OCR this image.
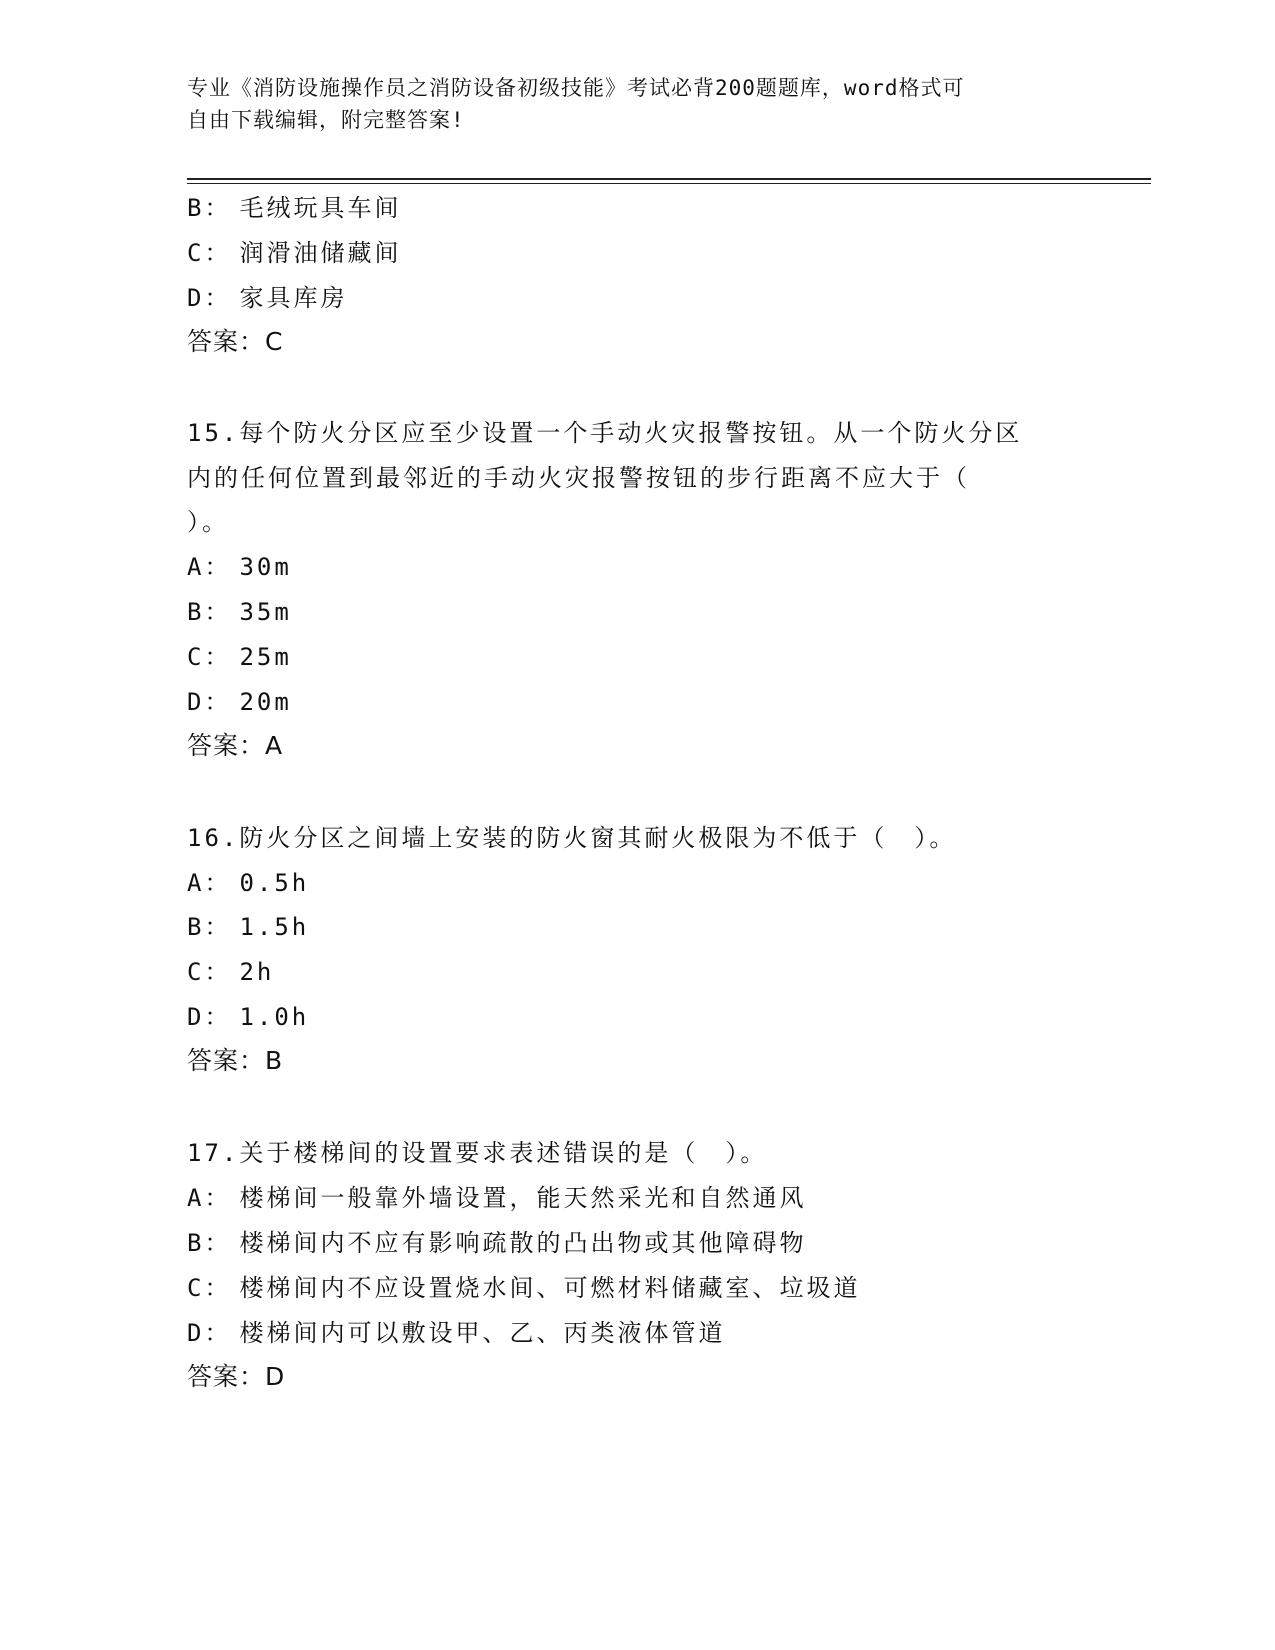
专业《消防设施操作员之消防设备初级技能》考试必背200题题库，word格式可
自由下载编辑，附完整答案!
B： 毛绒玩具车间
C： 润滑油储藏间
D： 家具库房
答案：C
15.每个防火分区应至少设置一个手动火灾报警按钮。从一个防火分区
内的任何位置到最邻近的手动火灾报警按钮的步行距离不应大于（
）。
A： 30m
B： 35m
C： 25m
D： 20m
答案：A
16.防火分区之间墙上安装的防火窗其耐火极限为不低于（　）。
A： 0.5h
B： 1.5h
C： 2h
D： 1.0h
答案：B
17.关于楼梯间的设置要求表述错误的是（　）。
A： 楼梯间一般靠外墙设置，能天然采光和自然通风
B： 楼梯间内不应有影响疏散的凸出物或其他障碍物
C： 楼梯间内不应设置烧水间、可燃材料储藏室、垃圾道
D： 楼梯间内可以敷设甲、乙、丙类液体管道
答案：D
